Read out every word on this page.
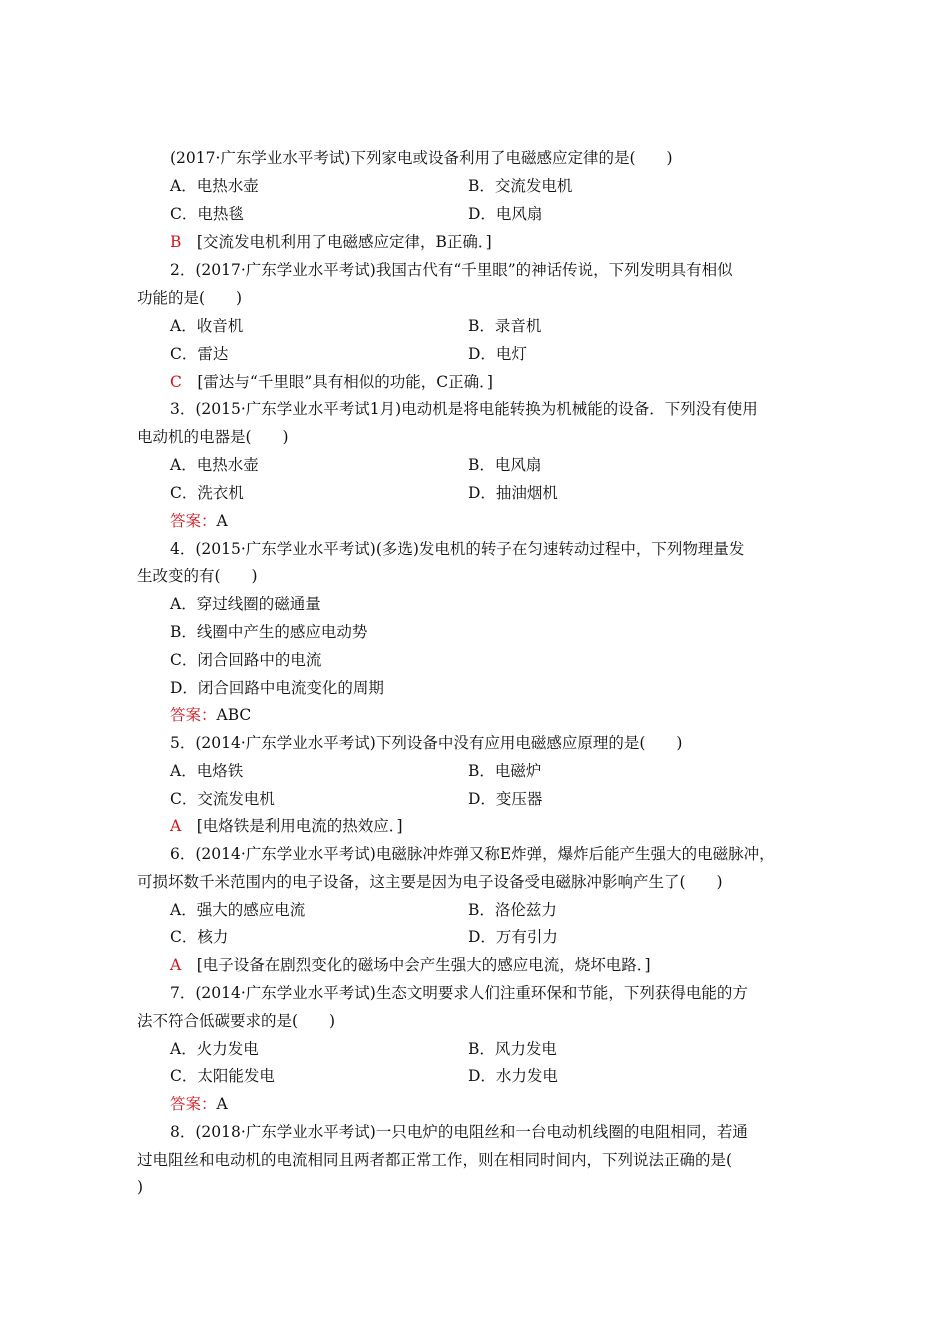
(2017·广东学业水平考试)下列家电或设备利用了电磁感应定律的是(　　)
A．电热水壶	B．交流发电机
C．电热毯	D．电风扇
B　[交流发电机利用了电磁感应定律，B正确．]
2．(2017·广东学业水平考试)我国古代有“千里眼”的神话传说，下列发明具有相似
功能的是(　　)
A．收音机	B．录音机
C．雷达	D．电灯
C　[雷达与“千里眼”具有相似的功能，C正确．]
3．(2015·广东学业水平考试1月)电动机是将电能转换为机械能的设备．下列没有使用
电动机的电器是(　　)
A．电热水壶	B．电风扇
C．洗衣机	D．抽油烟机
答案：A
4．(2015·广东学业水平考试)(多选)发电机的转子在匀速转动过程中，下列物理量发
生改变的有(　　)
A．穿过线圈的磁通量
B．线圈中产生的感应电动势
C．闭合回路中的电流
D．闭合回路中电流变化的周期
答案：ABC
5．(2014·广东学业水平考试)下列设备中没有应用电磁感应原理的是(　　)
A．电烙铁	B．电磁炉
C．交流发电机	D．变压器
A　[电烙铁是利用电流的热效应．]
6．(2014·广东学业水平考试)电磁脉冲炸弹又称E炸弹，爆炸后能产生强大的电磁脉冲，
可损坏数千米范围内的电子设备，这主要是因为电子设备受电磁脉冲影响产生了(　　)
A．强大的感应电流	B．洛伦兹力
C．核力	D．万有引力
A　[电子设备在剧烈变化的磁场中会产生强大的感应电流，烧坏电路．]
7．(2014·广东学业水平考试)生态文明要求人们注重环保和节能，下列获得电能的方
法不符合低碳要求的是(　　)
A．火力发电	B．风力发电
C．太阳能发电	D．水力发电
答案：A
8．(2018·广东学业水平考试)一只电炉的电阻丝和一台电动机线圈的电阻相同，若通
过电阻丝和电动机的电流相同且两者都正常工作，则在相同时间内，下列说法正确的是(
)
